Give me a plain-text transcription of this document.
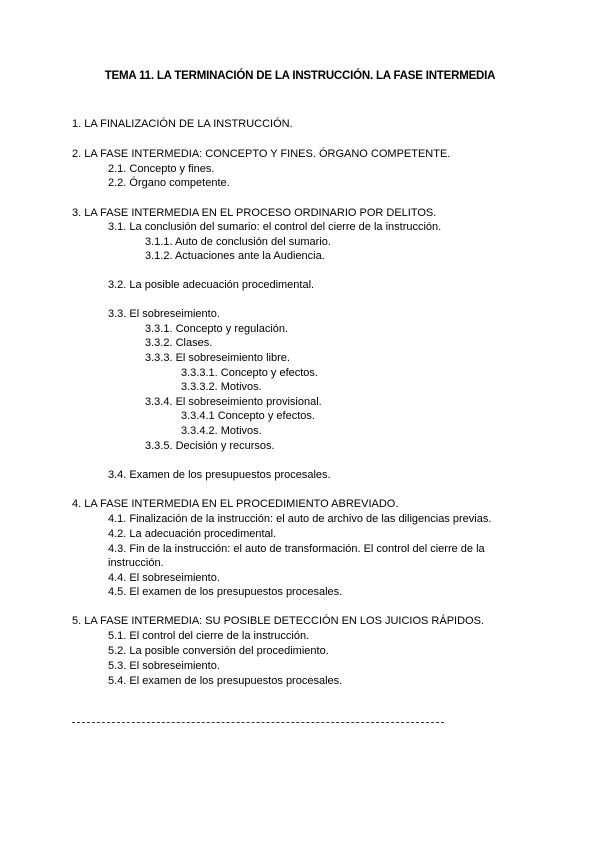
TEMA 11. LA TERMINACIÓN DE LA INSTRUCCIÓN. LA FASE INTERMEDIA
1. LA FINALIZACIÓN DE LA INSTRUCCIÓN.
2. LA FASE INTERMEDIA: CONCEPTO Y FINES. ÓRGANO COMPETENTE.
2.1. Concepto y fines.
2.2. Órgano competente.
3. LA FASE INTERMEDIA EN EL PROCESO ORDINARIO POR DELITOS.
3.1. La conclusión del sumario: el control del cierre de la instrucción.
3.1.1. Auto de conclusión del sumario.
3.1.2. Actuaciones ante la Audiencia.
3.2. La posible adecuación procedimental.
3.3. El sobreseimiento.
3.3.1. Concepto y regulación.
3.3.2. Clases.
3.3.3. El sobreseimiento libre.
3.3.3.1. Concepto y efectos.
3.3.3.2. Motivos.
3.3.4. El sobreseimiento provisional.
3.3.4.1 Concepto y efectos.
3.3.4.2. Motivos.
3.3.5. Decisión y recursos.
3.4. Examen de los presupuestos procesales.
4. LA FASE INTERMEDIA EN EL PROCEDIMIENTO ABREVIADO.
4.1. Finalización de la instrucción: el auto de archivo de las diligencias previas.
4.2. La adecuación procedimental.
4.3. Fin de la instrucción: el auto de transformación. El control del cierre de la instrucción.
4.4. El sobreseimiento.
4.5. El examen de los presupuestos procesales.
5. LA FASE INTERMEDIA: SU POSIBLE DETECCIÓN EN LOS JUICIOS RÁPIDOS.
5.1. El control del cierre de la instrucción.
5.2. La posible conversión del procedimiento.
5.3. El sobreseimiento.
5.4. El examen de los presupuestos procesales.
